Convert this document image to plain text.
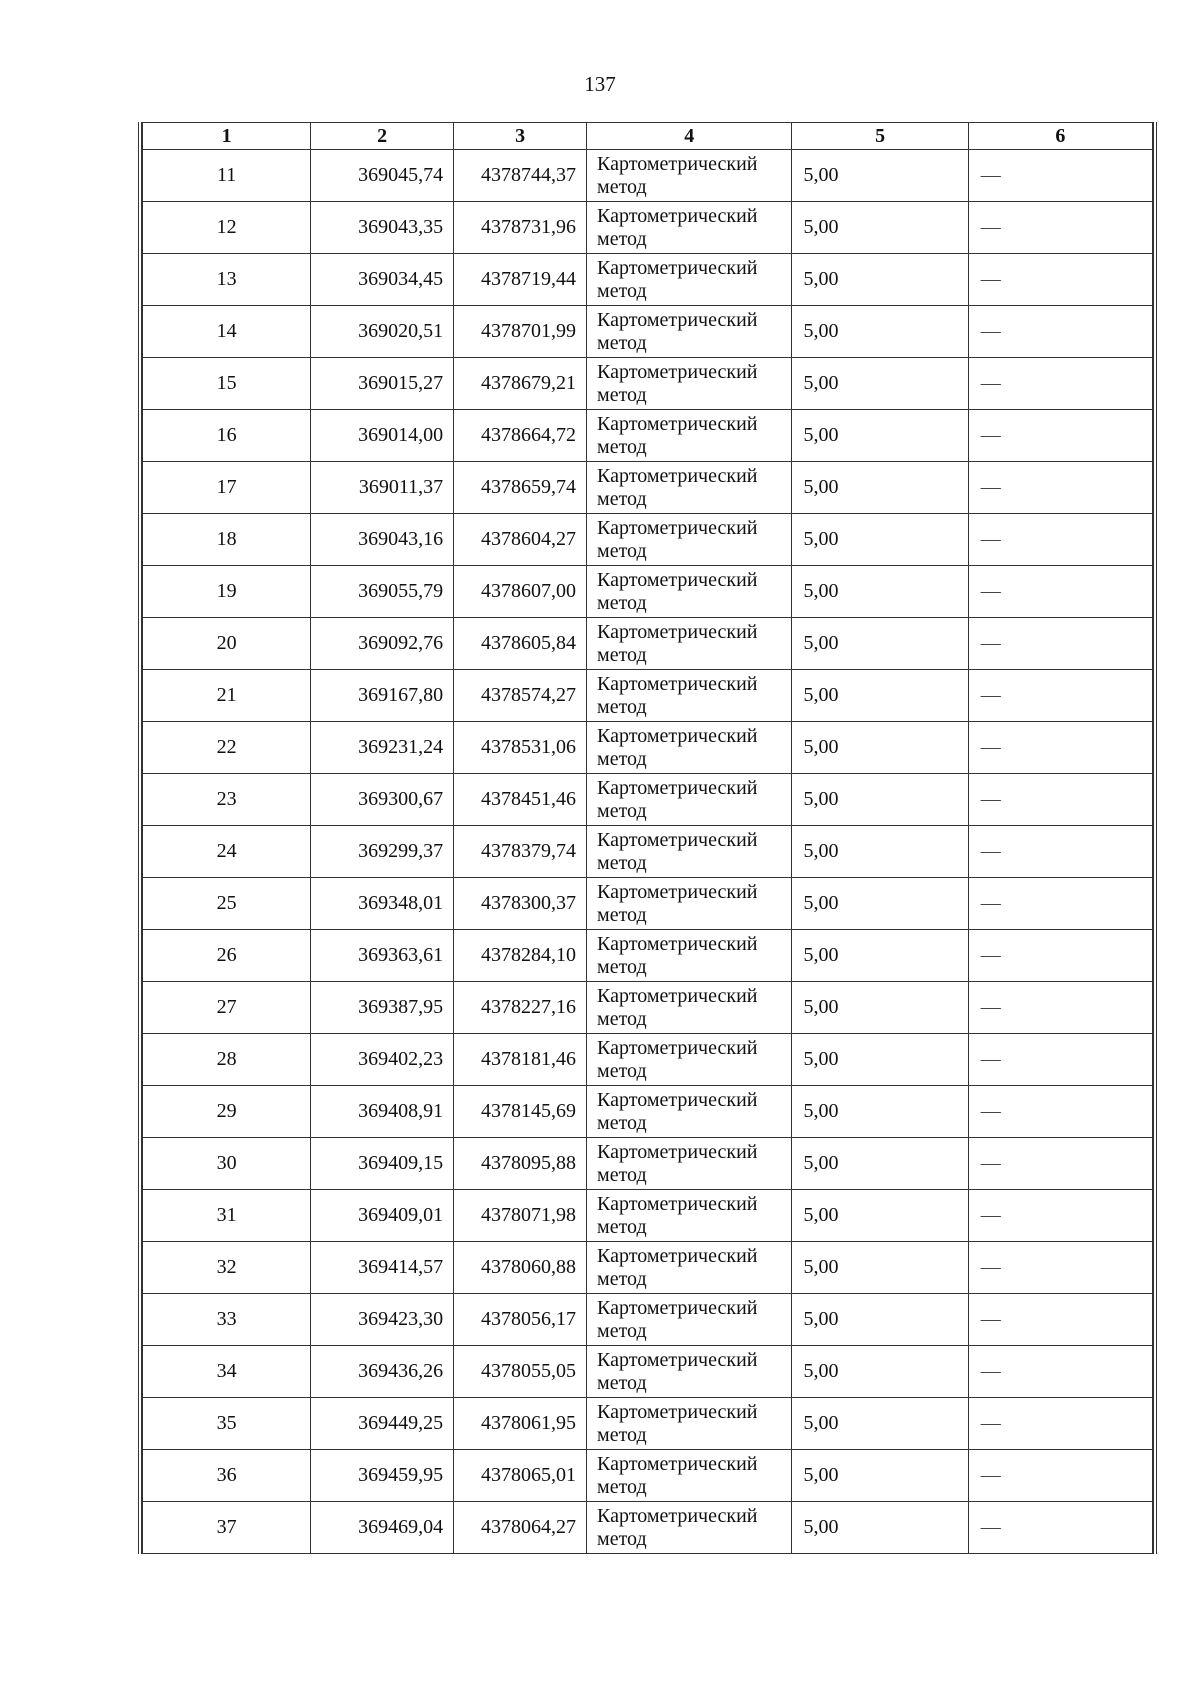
137
1	2	3	4	5	6
11	369045,74	4378744,37	Картометрический
метод	5,00	—
12	369043,35	4378731,96	Картометрический
метод	5,00	—
13	369034,45	4378719,44	Картометрический
метод	5,00	—
14	369020,51	4378701,99	Картометрический
метод	5,00	—
15	369015,27	4378679,21	Картометрический
метод	5,00	—
16	369014,00	4378664,72	Картометрический
метод	5,00	—
17	369011,37	4378659,74	Картометрический
метод	5,00	—
18	369043,16	4378604,27	Картометрический
метод	5,00	—
19	369055,79	4378607,00	Картометрический
метод	5,00	—
20	369092,76	4378605,84	Картометрический
метод	5,00	—
21	369167,80	4378574,27	Картометрический
метод	5,00	—
22	369231,24	4378531,06	Картометрический
метод	5,00	—
23	369300,67	4378451,46	Картометрический
метод	5,00	—
24	369299,37	4378379,74	Картометрический
метод	5,00	—
25	369348,01	4378300,37	Картометрический
метод	5,00	—
26	369363,61	4378284,10	Картометрический
метод	5,00	—
27	369387,95	4378227,16	Картометрический
метод	5,00	—
28	369402,23	4378181,46	Картометрический
метод	5,00	—
29	369408,91	4378145,69	Картометрический
метод	5,00	—
30	369409,15	4378095,88	Картометрический
метод	5,00	—
31	369409,01	4378071,98	Картометрический
метод	5,00	—
32	369414,57	4378060,88	Картометрический
метод	5,00	—
33	369423,30	4378056,17	Картометрический
метод	5,00	—
34	369436,26	4378055,05	Картометрический
метод	5,00	—
35	369449,25	4378061,95	Картометрический
метод	5,00	—
36	369459,95	4378065,01	Картометрический
метод	5,00	—
37	369469,04	4378064,27	Картометрический
метод	5,00	—
